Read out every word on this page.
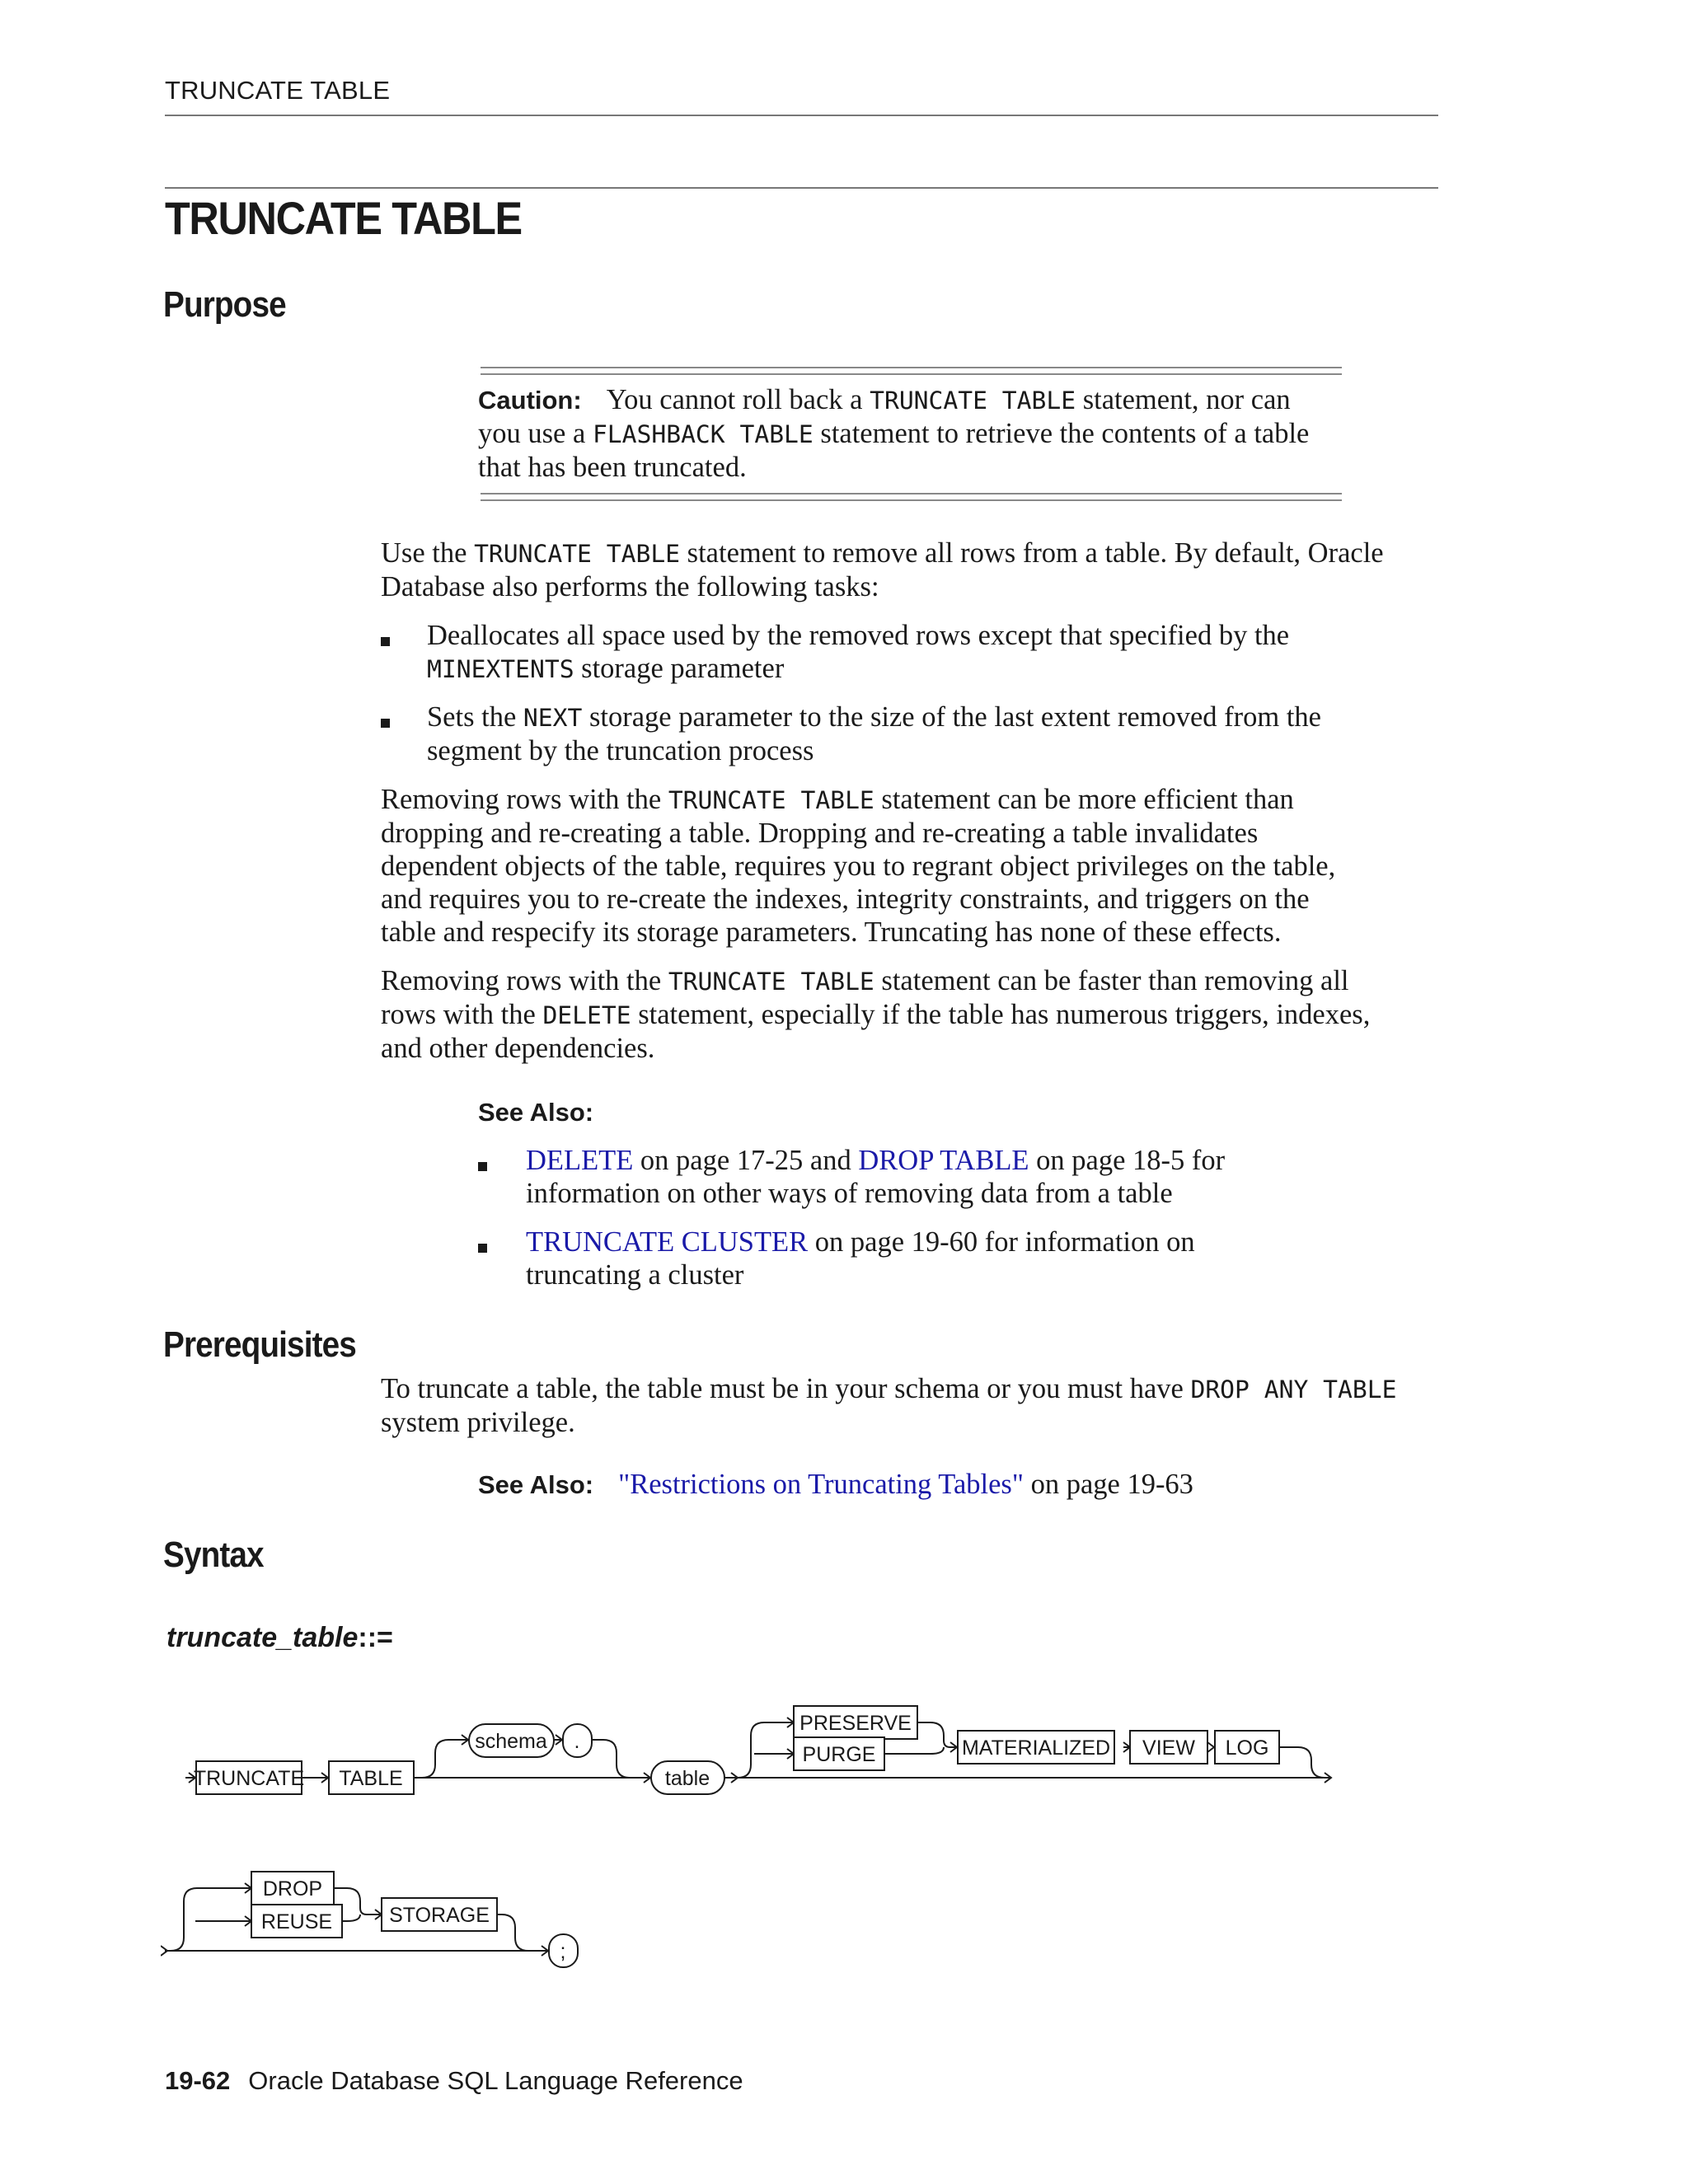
TRUNCATE TABLE
TRUNCATE TABLE
Purpose
Caution: You cannot roll back a TRUNCATE TABLE statement, nor can
you use a FLASHBACK TABLE statement to retrieve the contents of a table
that has been truncated.
Use the TRUNCATE TABLE statement to remove all rows from a table. By default, Oracle
Database also performs the following tasks:
Deallocates all space used by the removed rows except that specified by the
MINEXTENTS storage parameter
Sets the NEXT storage parameter to the size of the last extent removed from the
segment by the truncation process
Removing rows with the TRUNCATE TABLE statement can be more efficient than
dropping and re-creating a table. Dropping and re-creating a table invalidates
dependent objects of the table, requires you to regrant object privileges on the table,
and requires you to re-create the indexes, integrity constraints, and triggers on the
table and respecify its storage parameters. Truncating has none of these effects.
Removing rows with the TRUNCATE TABLE statement can be faster than removing all
rows with the DELETE statement, especially if the table has numerous triggers, indexes,
and other dependencies.
See Also:
DELETE on page 17-25 and DROP TABLE on page 18-5 for
information on other ways of removing data from a table
TRUNCATE CLUSTER on page 19-60 for information on
truncating a cluster
Prerequisites
To truncate a table, the table must be in your schema or you must have DROP ANY TABLE
system privilege.
See Also: "Restrictions on Truncating Tables" on page 19-63
Syntax
truncate_table::=
TRUNCATE TABLE
schema .
table
PRESERVE
PURGE	MATERIALIZED VIEW LOG
DROP
REUSE	STORAGE
;
19-62 Oracle Database SQL Language Reference
